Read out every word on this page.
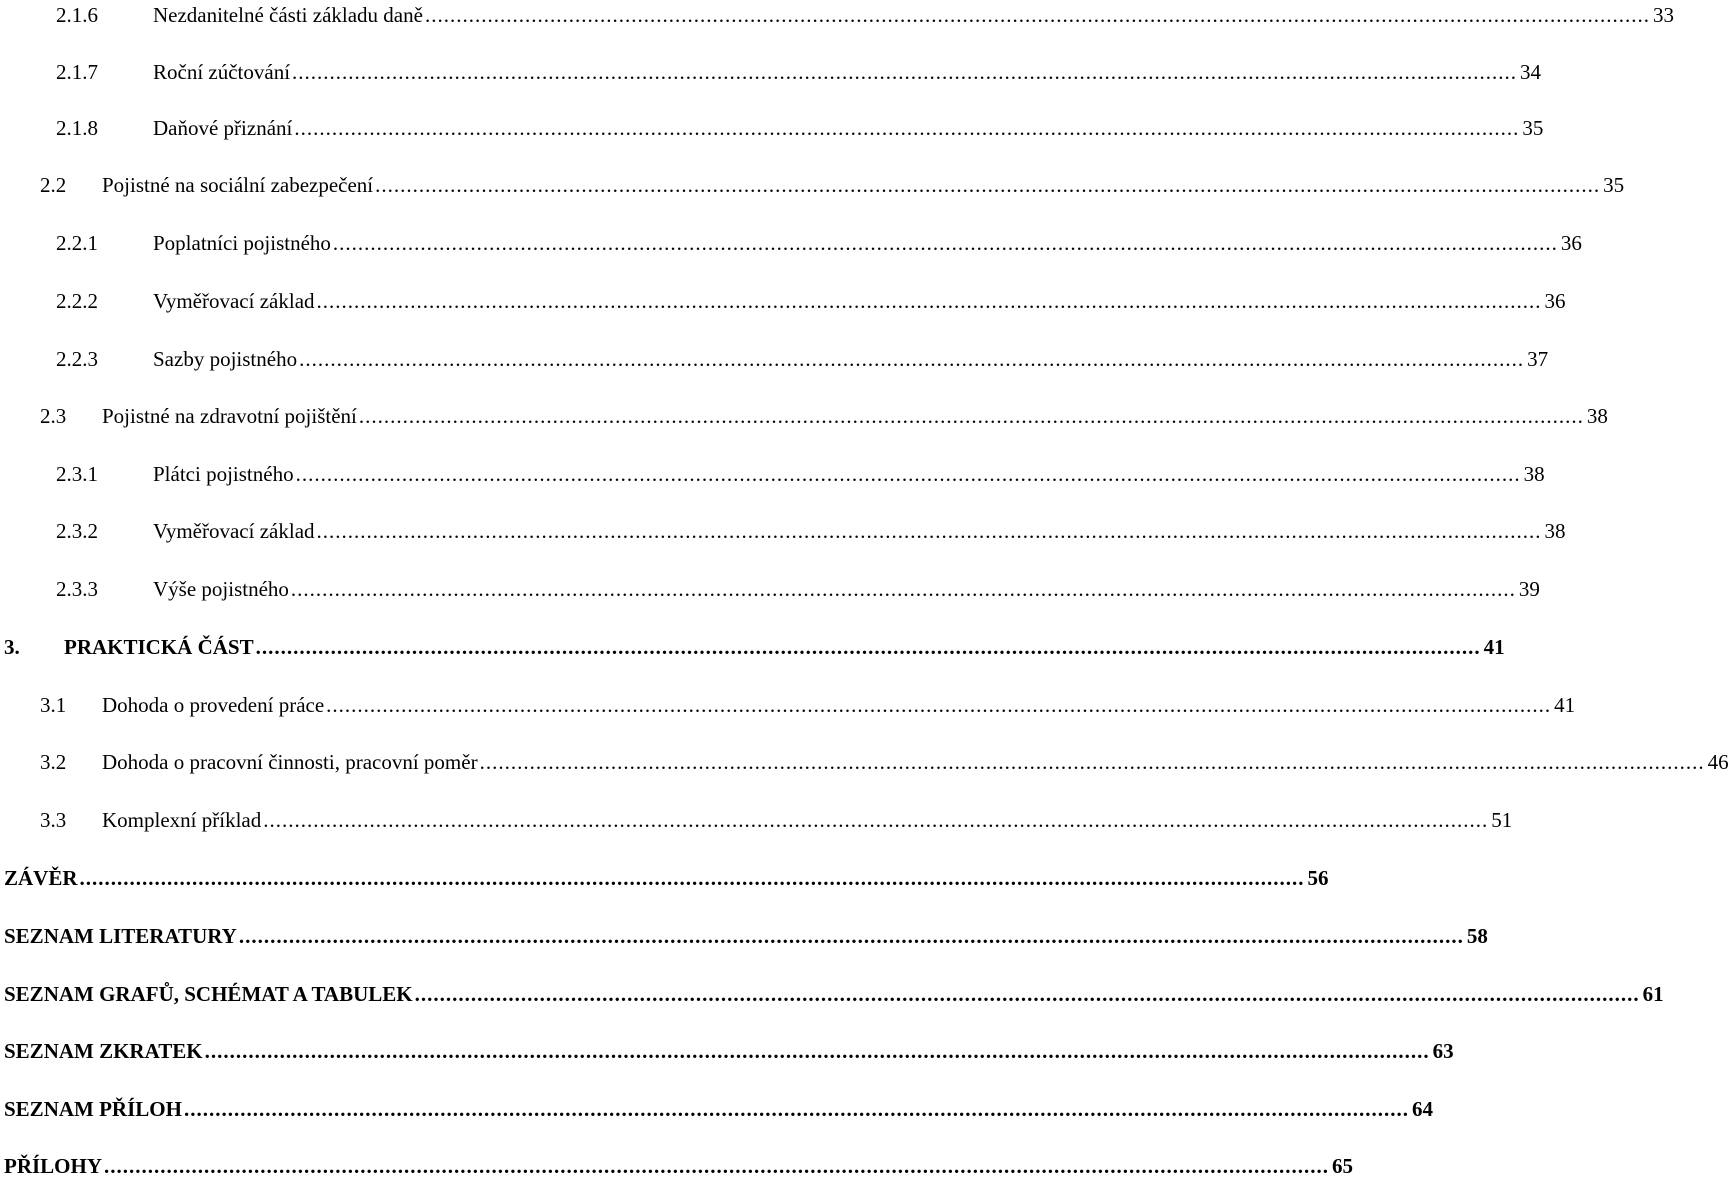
2.1.6	Nezdanitelné části základu daně .................................................................................................................................................................................................... 33
2.1.7	Roční zúčtování .................................................................................................................................................................................................... 34
2.1.8	Daňové přiznání .................................................................................................................................................................................................... 35
2.2	Pojistné na sociální zabezpečení .................................................................................................................................................................................................... 35
2.2.1	Poplatníci pojistného .................................................................................................................................................................................................... 36
2.2.2	Vyměřovací základ .................................................................................................................................................................................................... 36
2.2.3	Sazby pojistného .................................................................................................................................................................................................... 37
2.3	Pojistné na zdravotní pojištění .................................................................................................................................................................................................... 38
2.3.1	Plátci pojistného .................................................................................................................................................................................................... 38
2.3.2	Vyměřovací základ .................................................................................................................................................................................................... 38
2.3.3	Výše pojistného .................................................................................................................................................................................................... 39
3.	PRAKTICKÁ ČÁST .................................................................................................................................................................................................... 41
3.1	Dohoda o provedení práce .................................................................................................................................................................................................... 41
3.2	Dohoda o pracovní činnosti, pracovní poměr .................................................................................................................................................................................................... 46
3.3	Komplexní příklad .................................................................................................................................................................................................... 51
ZÁVĚR .................................................................................................................................................................................................... 56
SEZNAM LITERATURY .................................................................................................................................................................................................... 58
SEZNAM GRAFŮ, SCHÉMAT A TABULEK .................................................................................................................................................................................................... 61
SEZNAM ZKRATEK .................................................................................................................................................................................................... 63
SEZNAM PŘÍLOH .................................................................................................................................................................................................... 64
PŘÍLOHY .................................................................................................................................................................................................... 65
